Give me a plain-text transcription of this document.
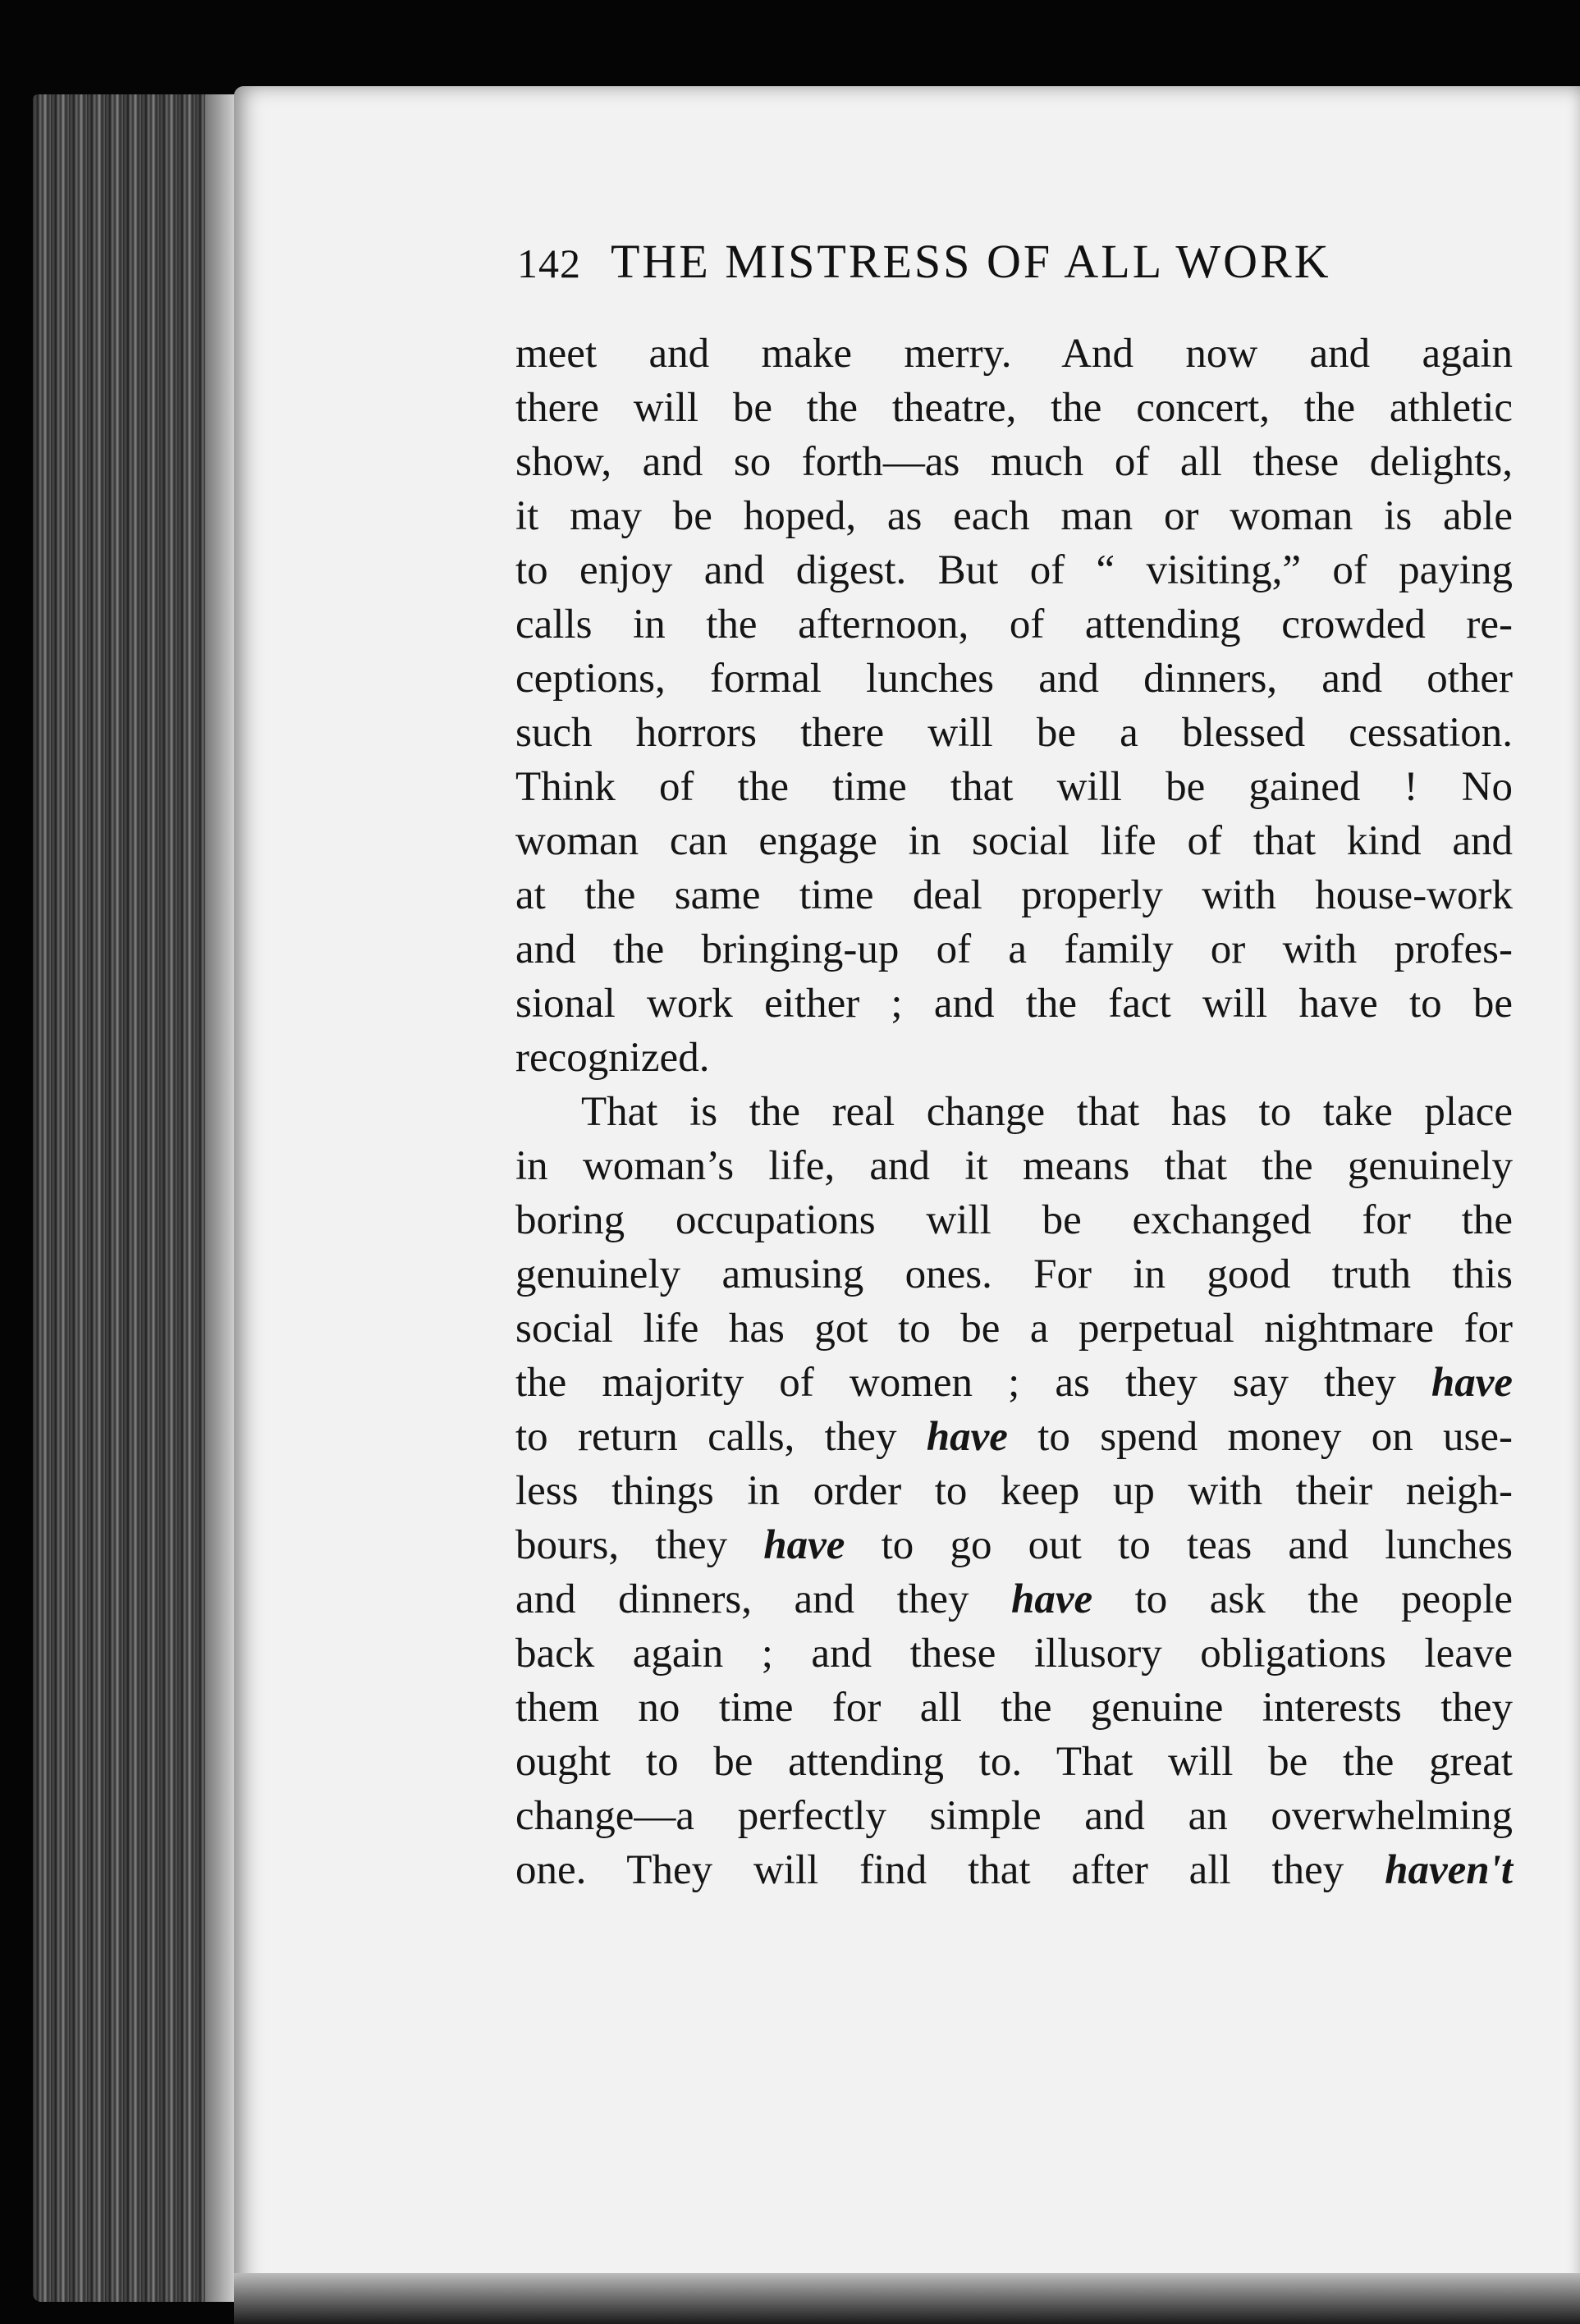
142 THE MISTRESS OF ALL WORK
meet and make merry. And now and again
there will be the theatre, the concert, the athletic
show, and so forth—as much of all these delights,
it may be hoped, as each man or woman is able
to enjoy and digest. But of “ visiting,” of paying
calls in the afternoon, of attending crowded re-
ceptions, formal lunches and dinners, and other
such horrors there will be a blessed cessation.
Think of the time that will be gained ! No
woman can engage in social life of that kind and
at the same time deal properly with house-work
and the bringing-up of a family or with profes-
sional work either ; and the fact will have to be
recognized.
That is the real change that has to take place
in woman’s life, and it means that the genuinely
boring occupations will be exchanged for the
genuinely amusing ones. For in good truth this
social life has got to be a perpetual nightmare for
the majority of women ; as they say they have
to return calls, they have to spend money on use-
less things in order to keep up with their neigh-
bours, they have to go out to teas and lunches
and dinners, and they have to ask the people
back again ; and these illusory obligations leave
them no time for all the genuine interests they
ought to be attending to. That will be the great
change—a perfectly simple and an overwhelming
one. They will find that after all they haven't
